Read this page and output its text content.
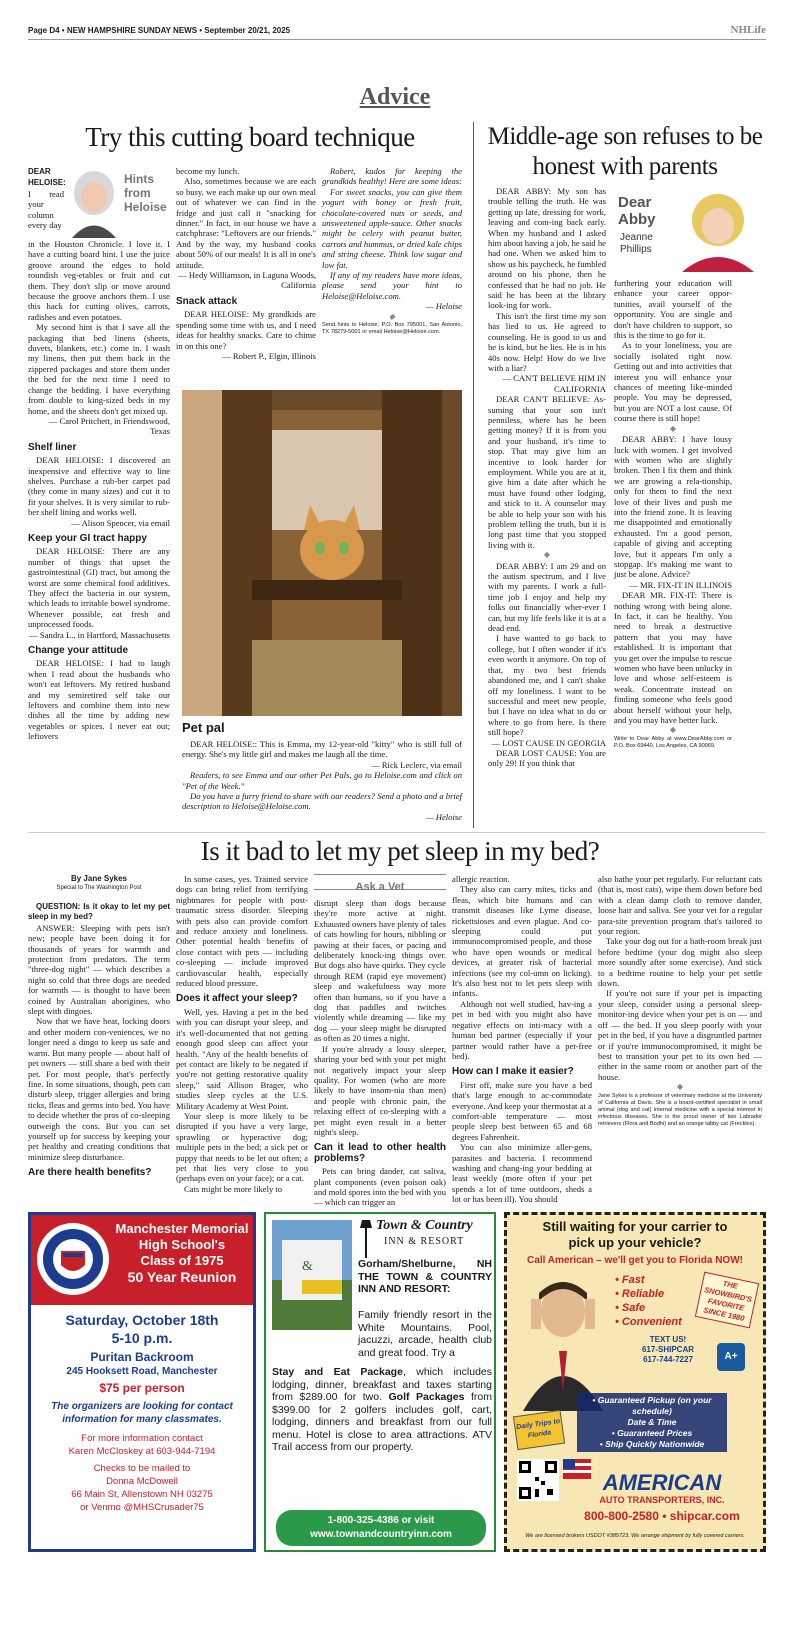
Page D4 • NEW HAMPSHIRE SUNDAY NEWS • September 20/21, 2025	NHLife
Advice
Try this cutting board technique
Hints from Heloise

DEAR HELOISE: I read your column every day

in the Houston Chronicle. I love it. I have a cutting board hint. I use the juice groove around the edges to hold roundish veg-etables or fruit and cut them. They don't slip or move around because the groove anchors them. I use this hack for cutting olives, carrots, radishes and even potatoes.

My second hint is that I save all the packaging that bed linens (sheets, duvets, blankets, etc.) come in. I wash my linens, then put them back in the zippered packages and store them under the bed for the next time I need to change the bedding. I have everything from double to king-sized beds in my home, and the sheets don't get mixed up.

— Carol Pritchett, in Friendswood, Texas

Shelf liner

DEAR HELOISE: I discovered an inexpensive and effective way to line shelves. Purchase a rub-ber carpet pad (they come in many sizes) and cut it to fit your shelves. It is very similar to rub-ber shelf lining and works well.

— Alison Spencer, via email

Keep your GI tract happy

DEAR HELOISE: There are any number of things that upset the gastrointestinal (GI) tract, but among the worst are some chemical food additives. They affect the bacteria in our system, which leads to irritable bowel syndrome. Whenever possible, eat fresh and unprocessed foods.

— Sandra L., in Hartford, Massachusetts

Change your attitude

DEAR HELOISE: I had to laugh when I read about the husbands who won't eat leftovers. My retired husband and my semiretired self take our leftovers and combine them into new dishes all the time by adding new vegetables or spices. I never eat out; leftovers

become my lunch.

Also, sometimes because we are each so busy, we each make up our own meal out of whatever we can find in the fridge and just call it "snacking for dinner." In fact, in our house we have a catchphrase: "Leftovers are our friends." And by the way, my husband cooks about 50% of our meals! It is all in one's attitude.

— Hedy Williamson, in Laguna Woods, California

Snack attack

DEAR HELOISE: My grandkids are spending some time with us, and I need ideas for healthy snacks. Care to chime in on this one?

— Robert P., Elgin, Illinois

Robert, kudos for keeping the grandkids healthy! Here are some ideas:

For sweet snacks, you can give them yogurt with honey or fresh fruit, chocolate-covered nuts or seeds, and unsweetened apple-sauce. Other snacks might be celery with peanut butter, carrots and hummus, or dried kale chips and string cheese. Think low sugar and low fat.

If any of my readers have more ideas, please send your hint to Heloise@Heloise.com.

— Heloise

◆

Send hints to Heloise, P.O. Box 795001, San Antonio, TX 78279-5001 or email Heloise@Heloise.com.

Pet pal

DEAR HELOISE:: This is Emma, my 12-year-old "kitty" who is still full of energy. She's my little girl and makes me laugh all the time.

— Rick Leclerc, via email

Readers, to see Emma and our other Pet Pals, go to Heloise.com and click on "Pet of the Week."

Do you have a furry friend to share with our readers? Send a photo and a brief description to Heloise@Heloise.com.

— Heloise

Middle-age son refuses to be honest with parents
Dear Abby
Jeanne Phillips

DEAR ABBY: My son has trouble telling the truth. He was getting up late, dressing for work, leaving and com-ing back early. When my husband and I asked him about having a job, he said he had one. When we asked him to show us his paycheck, he fumbled around on his phone, then he confessed that he had no job. He said he has been at the library look-ing for work.

This isn't the first time my son has lied to us. He agreed to counseling. He is good to us and he is kind, but he lies. He is in his 40s now. Help! How do we live with a liar?

— CAN'T BELIEVE HIM IN CALIFORNIA

DEAR CAN'T BELIEVE: As-suming that your son isn't penniless, where has he been getting money? If it is from you and your husband, it's time to stop. That may give him an incentive to look harder for employment. While you are at it, give him a date after which he must have found other lodging, and stick to it. A counselor may be able to help your son with his problem telling the truth, but it is long past time that you stopped living with it.

◆

DEAR ABBY: I am 29 and on the autism spectrum, and I live with my parents. I work a full-time job I enjoy and help my folks out financially wher-ever I can, but my life feels like it is at a dead end.

I have wanted to go back to college, but I often wonder if it's even worth it anymore. On top of that, my two best friends abandoned me, and I can't shake off my loneliness. I want to be successful and meet new people, but I have no idea what to do or where to go from here. Is there still hope?

— LOST CAUSE IN GEORGIA

DEAR LOST CAUSE: You are only 29! If you think that

furthering your education will enhance your career oppor-tunities, avail yourself of the opportunity. You are single and don't have children to support, so this is the time to go for it.

As to your loneliness, you are socially isolated right now. Getting out and into activities that interest you will enhance your chances of meeting like-minded people. You may be depressed, but you are NOT a lost cause. Of course there is still hope!

◆

DEAR ABBY: I have lousy luck with women. I get involved with women who are slightly broken. Then I fix them and think we are growing a rela-tionship, only for them to find the next love of their lives and push me into the friend zone. It is leaving me disappointed and emotionally exhausted. I'm a good person, capable of giving and accepting love, but it appears I'm only a stopgap. It's making me want to just be alone. Advice?

— MR. FIX-IT IN ILLINOIS

DEAR MR. FIX-IT: There is nothing wrong with being alone. In fact, it can be healthy. You need to break a destructive pattern that you may have established. It is important that you get over the impulse to rescue women who have been unlucky in love and whose self-esteem is weak. Concentrate instead on finding someone who feels good about herself without your help, and you may have better luck.

◆

Write to Dear Abby at www.DearAbby.com or P.O. Box 69440, Los Angeles, CA 90069.

Is it bad to let my pet sleep in my bed?
By Jane Sykes
Special to The Washington Post

QUESTION: Is it okay to let my pet sleep in my bed?

ANSWER: Sleeping with pets isn't new; people have been doing it for thousands of years for warmth and protection from predators. The term "three-dog night" — which describes a night so cold that three dogs are needed for warmth — is thought to have been coined by Australian aborigines, who slept with dingoes.

Now that we have heat, locking doors and other modern con-veniences, we no longer need a dingo to keep us safe and warm. But many people — about half of pet owners — still share a bed with their pet. For most people, that's perfectly fine. In some situations, though, pets can disturb sleep, trigger allergies and bring ticks, fleas and germs into bed. You have to decide whether the pros of co-sleeping outweigh the cons. But you can set yourself up for success by keeping your pet healthy and creating conditions that minimize sleep disturbance.

Are there health benefits?

In some cases, yes. Trained service dogs can bring relief from terrifying nightmares for people with post-traumatic stress disorder. Sleeping with pets also can provide comfort and reduce anxiety and loneliness. Other potential health benefits of close contact with pets — including co-sleeping — include improved cardiovascular health, especially reduced blood pressure.

Does it affect your sleep?

Well, yes. Having a pet in the bed with you can disrupt your sleep, and it's well-documented that not getting enough good sleep can affect your health. "Any of the health benefits of pet contact are likely to be negated if you're not getting restorative quality sleep," said Allison Brager, who studies sleep cycles at the U.S. Military Academy at West Point.

Your sleep is more likely to be disrupted if you have a very large, sprawling or hyperactive dog; multiple pets in the bed; a sick pet or puppy that needs to be let out often; a pet that lies very close to you (perhaps even on your face); or a cat.

Cats might be more likely to

Ask a Vet

disrupt sleep than dogs because they're more active at night. Exhausted owners have plenty of tales of cats howling for hours, nibbling or pawing at their faces, or pacing and deliberately knock-ing things over. But dogs also have quirks. They cycle through REM (rapid eye movement) sleep and wakefulness way more often than humans, so if you have a dog that paddles and twitches violently while dreaming — like my dog — your sleep might be disrupted as often as 20 times a night.

If you're already a lousy sleeper, sharing your bed with your pet might not negatively impact your sleep quality. For women (who are more likely to have insom-nia than men) and people with chronic pain, the relaxing effect of co-sleeping with a pet might even result in a better night's sleep.

Can it lead to other health problems?

Pets can bring dander, cat saliva, plant components (even poison oak) and mold spores into the bed with you — which can trigger an

allergic reaction.

They also can carry mites, ticks and fleas, which bite humans and can transmit diseases like Lyme disease, rickettsioses and even plague. And co-sleeping could put immunocompromised people, and those who have open wounds or medical devices, at greater risk of bacterial infections (see my col-umn on licking). It's also best not to let pets sleep with infants.

Although not well studied, hav-ing a pet in bed with you might also have negative effects on inti-macy with a human bed partner (especially if your partner would rather have a pet-free bed).

How can I make it easier?

First off, make sure you have a bed that's large enough to ac-commodate everyone. And keep your thermostat at a comfort-able temperature — most people sleep best between 65 and 68 degrees Fahrenheit.

You can also minimize aller-gens, parasites and bacteria. I recommend washing and chang-ing your bedding at least weekly (more often if your pet spends a lot of time outdoors, sheds a lot or has been ill). You should

also bathe your pet regularly. For reluctant cats (that is, most cats), wipe them down before bed with a clean damp cloth to remove dander, loose hair and saliva. See your vet for a regular para-site prevention program that's tailored to your region.

Take your dog out for a bath-room break just before bedtime (your dog might also sleep more soundly after some exercise). And stick to a bedtime routine to help your pet settle down.

If you're not sure if your pet is impacting your sleep, consider using a personal sleep-monitor-ing device when your pet is on — and off — the bed. If you sleep poorly with your pet in the bed, if you have a disgruntled partner or if you're immunocompromised, it might be best to transition your pet to its own bed — either in the same room or another part of the house.

◆

Jane Sykes is a professor of veterinary medicine at the University of California at Davis. She is a board-certified specialist in small animal (dog and cat) internal medicine with a special interest in infectious diseases. She is the proud owner of two Labrador retrievers (Flora and Bodhi) and an orange tabby cat (Freckles).

Manchester Memorial
High School's
Class of 1975
50 Year Reunion
Saturday, October 18th
5-10 p.m.
Puritan Backroom
245 Hooksett Road, Manchester
$75 per person
The organizers are looking for contact information for many classmates.
For more information contact
Karen McCloskey at 603-944-7194
Checks to be mailed to
Donna McDowell
66 Main St, Allenstown NH 03275
or Venmo @MHSCrusader75
&
Town & Country
INN & RESORT
Gorham/Shelburne, NH THE TOWN & COUNTRY INN AND RESORT:
Family friendly resort in the White Mountains. Pool, jacuzzi, arcade, health club and great food. Try a
Stay and Eat Package, which includes lodging, dinner, breakfast and taxes starting from $289.00 for two. Golf Packages from $399.00 for 2 golfers includes golf, cart, lodging, dinners and breakfast from our full menu. Hotel is close to area attractions. ATV Trail access from our property.
1-800-325-4386 or visit
www.townandcountryinn.com
Still waiting for your carrier to
pick up your vehicle?
Call American – we'll get you to Florida NOW!
• Fast
• Reliable
• Safe
• Convenient
THE SNOWBIRD'S FAVORITE SINCE 1980
TEXT US!
617-SHIPCAR
617-744-7227	A+
• Guaranteed Pickup (on your schedule)
Date & Time
• Guaranteed Prices
• Ship Quickly Nationwide
Daily Trips to Florida
AMERICAN
AUTO TRANSPORTERS, INC.
800-800-2580 • shipcar.com
We are licensed brokers USDOT #385723. We arrange shipment by fully covered carriers.
